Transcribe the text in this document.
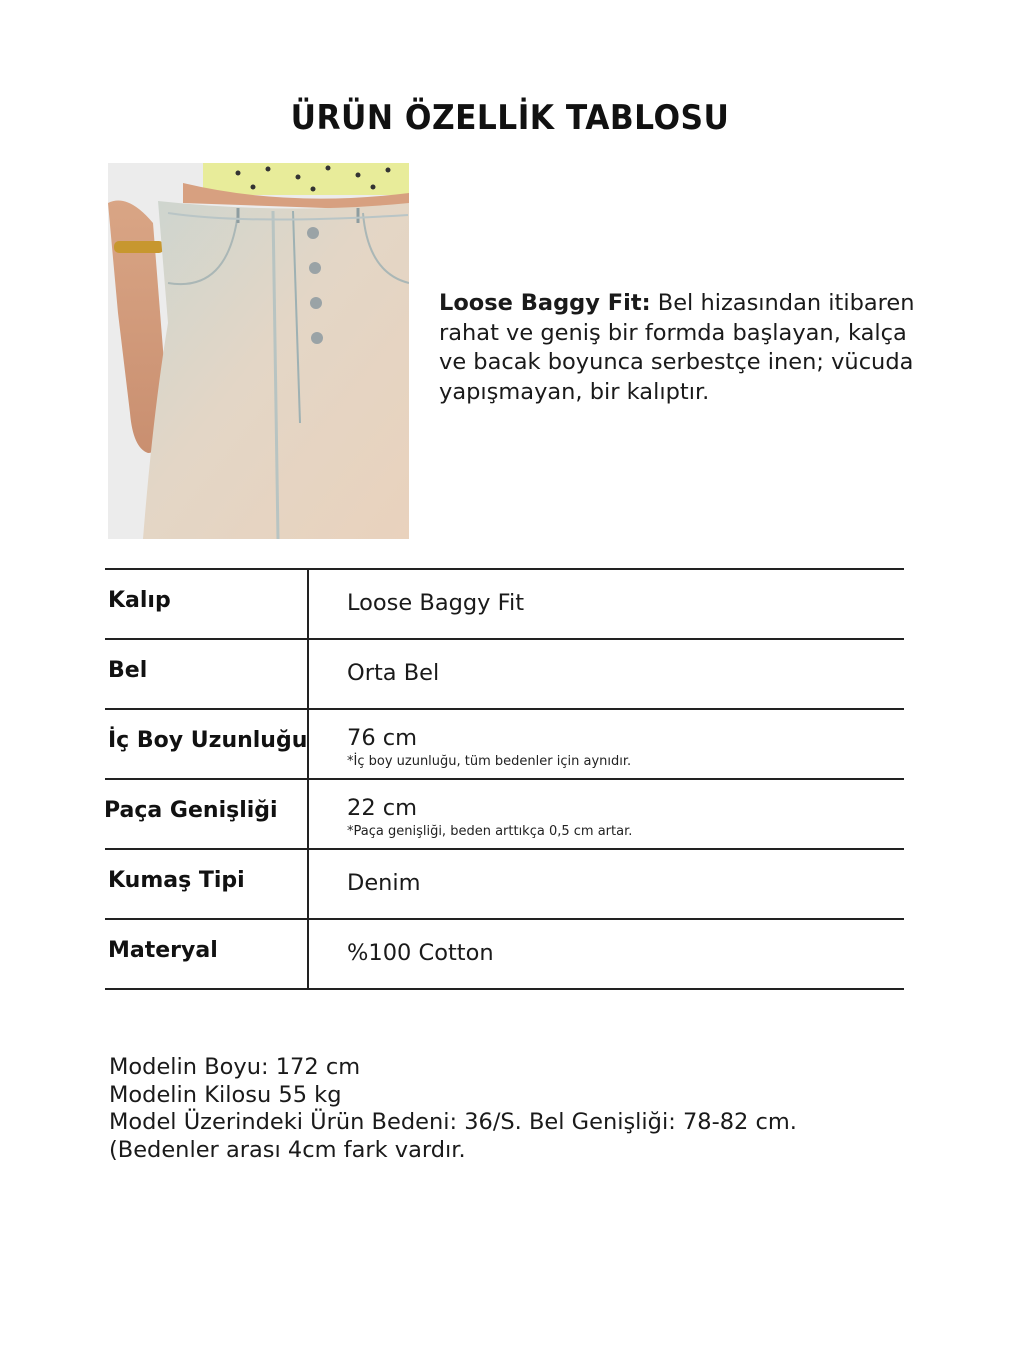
ÜRÜN ÖZELLİK TABLOSU
Loose Baggy Fit: Bel hizasından itibaren rahat ve geniş bir formda başlayan, kalça ve bacak boyunca serbestçe inen; vücuda yapışmayan, bir kalıptır.
Kalıp	Loose Baggy Fit
Bel	Orta Bel
İç Boy Uzunluğu 76 cm
*İç boy uzunluğu, tüm bedenler için aynıdır.
Paça Genişliği	22 cm
*Paça genişliği, beden arttıkça 0,5 cm artar.
Kumaş Tipi	Denim
Materyal	%100 Cotton
Modelin Boyu: 172 cm
Modelin Kilosu 55 kg
Model Üzerindeki Ürün Bedeni: 36/S. Bel Genişliği: 78-82 cm. (Bedenler arası 4cm fark vardır.
